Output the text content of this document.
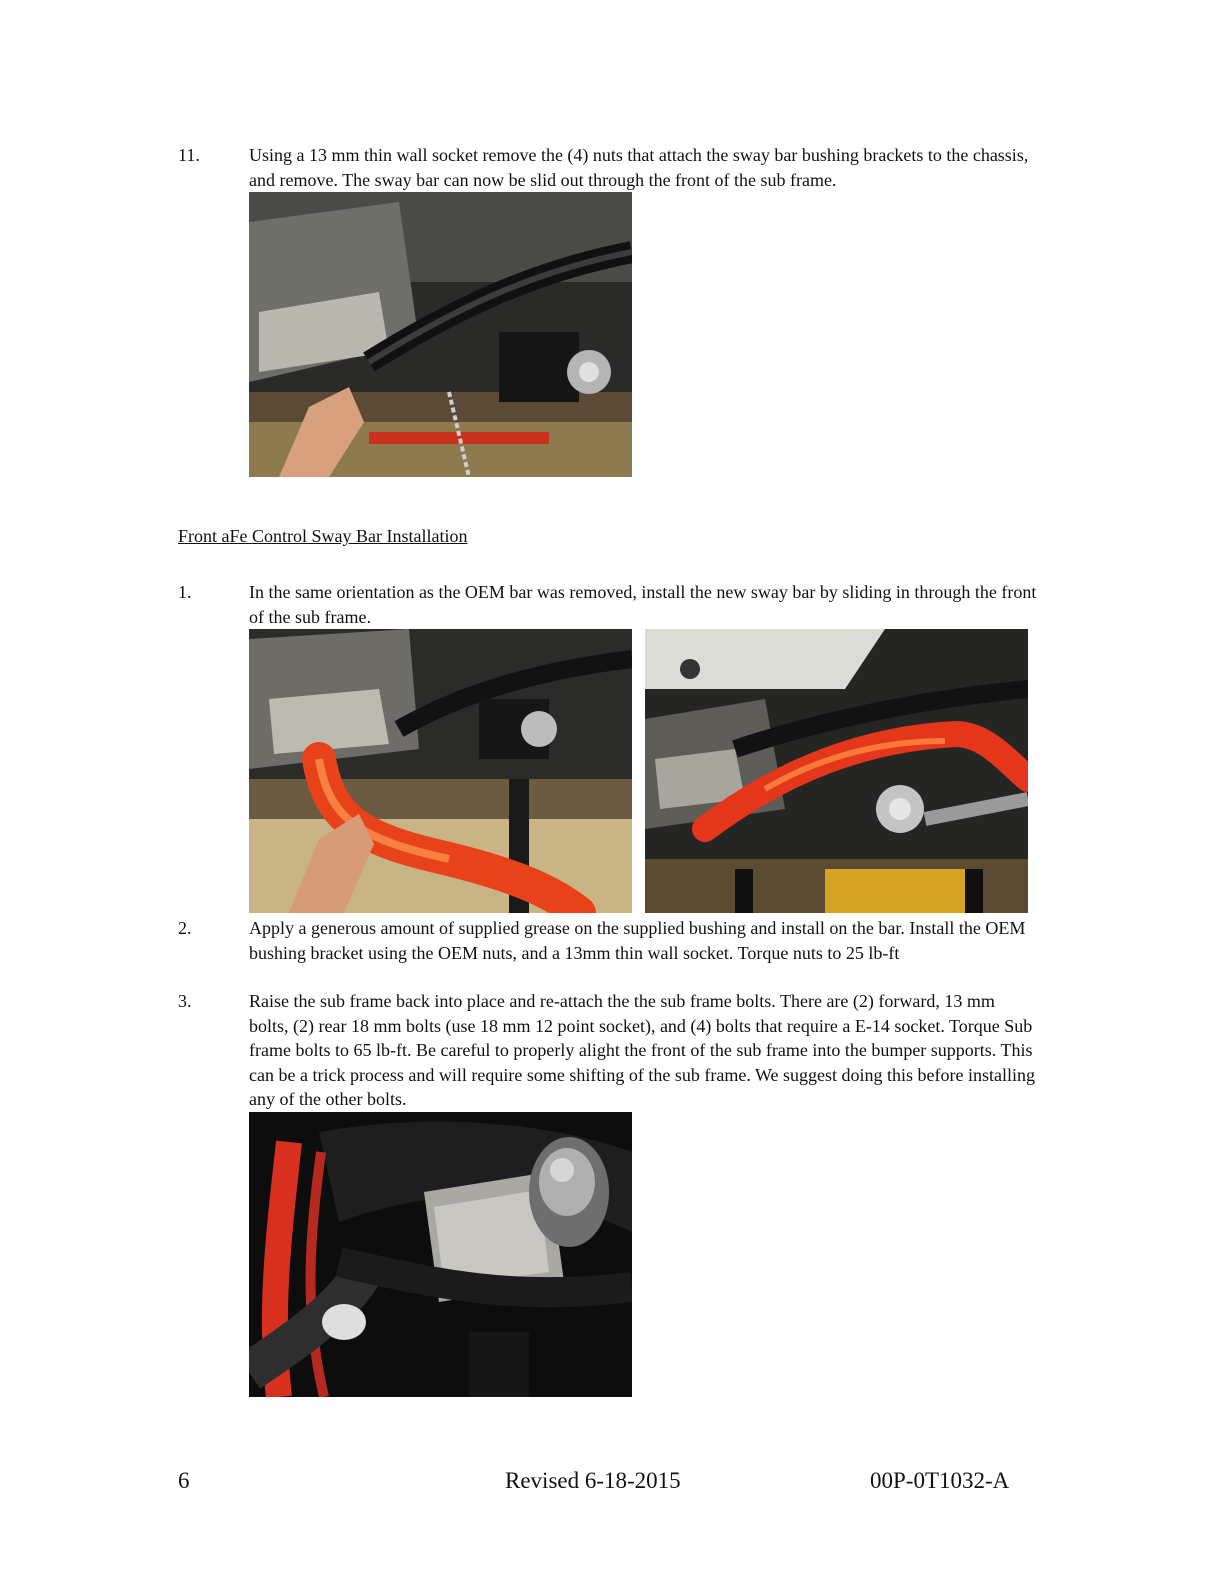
11.	Using a 13 mm thin wall socket remove the (4) nuts that attach the sway bar bushing brackets to the chassis, and remove. The sway bar can now be slid out through the front of the sub frame.
Front aFe Control Sway Bar Installation
1.	In the same orientation as the OEM bar was removed, install the new sway bar by sliding in through the front of the sub frame.
2.	Apply a generous amount of supplied grease on the supplied bushing and install on the bar. Install the OEM bushing bracket using the OEM nuts, and a 13mm thin wall socket. Torque nuts to 25 lb-ft
3.	Raise the sub frame back into place and re-attach the the sub frame bolts. There are (2) forward, 13 mm bolts, (2) rear 18 mm bolts (use 18 mm 12 point socket), and (4) bolts that require a E-14 socket. Torque Sub frame bolts to 65 lb-ft. Be careful to properly alight the front of the sub frame into the bumper supports. This can be a trick process and will require some shifting of the sub frame. We suggest doing this before installing any of the other bolts.
6	Revised 6-18-2015	00P-0T1032-A
